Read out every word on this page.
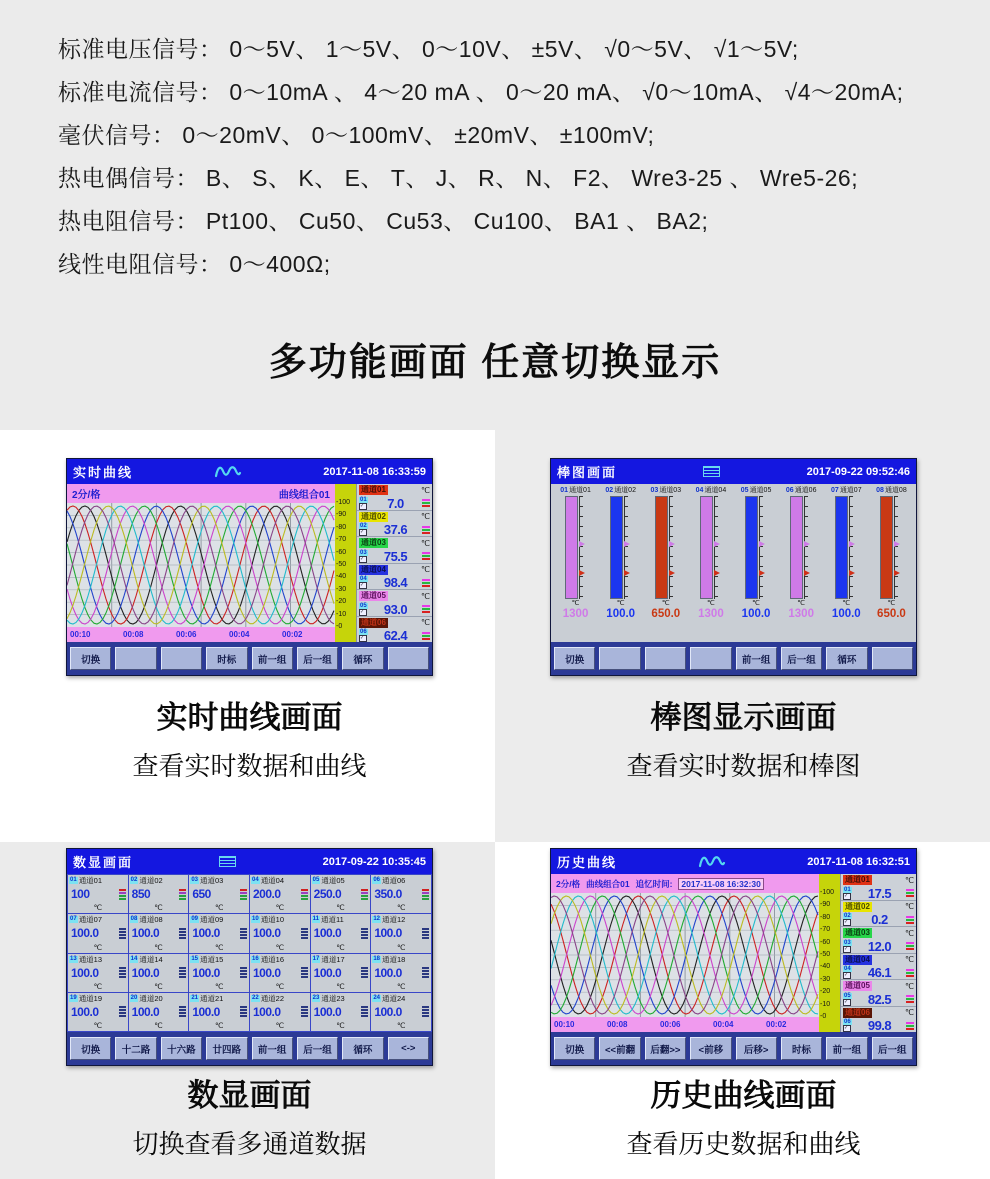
标准电压信号： 0～5V、 1～5V、 0～10V、 ±5V、 √0～5V、 √1～5V;
标准电流信号： 0～10mA 、 4～20 mA 、 0～20 mA、 √0～10mA、 √4～20mA;
毫伏信号： 0～20mV、 0～100mV、 ±20mV、 ±100mV;
热电偶信号： B、 S、 K、 E、 T、 J、 R、 N、 F2、 Wre3-25 、 Wre5-26;
热电阻信号： Pt100、 Cu50、 Cu53、 Cu100、 BA1 、 BA2;
线性电阻信号： 0～400Ω;
多功能画面 任意切换显示
实时曲线	2017-11-08 16:33:59
2分/格	曲线组合01
00:10	00:08	00:06	00:04	00:02
- 100
- 90
- 80
- 70
- 60
- 50
- 40
- 30
- 20
- 10
- 0
通道01	℃
01
✓	7.0
通道02	℃
02
✓	37.6
通道03	℃
03
✓	75.5
通道04	℃
04
✓	98.4
通道05	℃
05
✓	93.0
通道06	℃
06
✓	62.4
切换

	时标	前一组	后一组	循环

实时曲线画面
查看实时数据和曲线
棒图画面	2017-09-22 09:52:46
01通道01
℃
1300
02通道02
℃
100.0
03通道03
℃
650.0
04通道04
℃
1300
05通道05
℃
100.0
06通道06
℃
1300
07通道07
℃
100.0
08通道08
℃
650.0
切换

	前一组	后一组	循环

棒图显示画面
查看实时数据和棒图
数显画面	2017-09-22 10:35:45
01 通道01
100
℃
02 通道02
850
℃
03 通道03
650
℃
04 通道04
200.0
℃
05 通道05
250.0
℃
06 通道06
350.0
℃
07 通道07
100.0
℃
08 通道08
100.0
℃
09 通道09
100.0
℃
10 通道10
100.0
℃
11 通道11
100.0
℃
12 通道12
100.0
℃
13 通道13
100.0
℃
14 通道14
100.0
℃
15 通道15
100.0
℃
16 通道16
100.0
℃
17 通道17
100.0
℃
18 通道18
100.0
℃
19 通道19
100.0
℃
20 通道20
100.0
℃
21 通道21
100.0
℃
22 通道22
100.0
℃
23 通道23
100.0
℃
24 通道24
100.0
℃
切换	十二路	十六路	廿四路	前一组	后一组	循环	<->
数显画面
切换查看多通道数据
历史曲线	2017-11-08 16:32:51
2分/格 曲线组合01 追忆时间:	2017-11-08 16:32:30
00:10	00:08	00:06	00:04	00:02
- 100
- 90
- 80
- 70
- 60
- 50
- 40
- 30
- 20
- 10
- 0
通道01	℃
01
✓	17.5
通道02	℃
02
✓	0.2
通道03	℃
03
✓	12.0
通道04	℃
04
✓	46.1
通道05	℃
05
✓	82.5
通道06	℃
06
✓	99.8
切换	<<前翻	后翻>>	<前移	后移>	时标	前一组	后一组
历史曲线画面
查看历史数据和曲线
